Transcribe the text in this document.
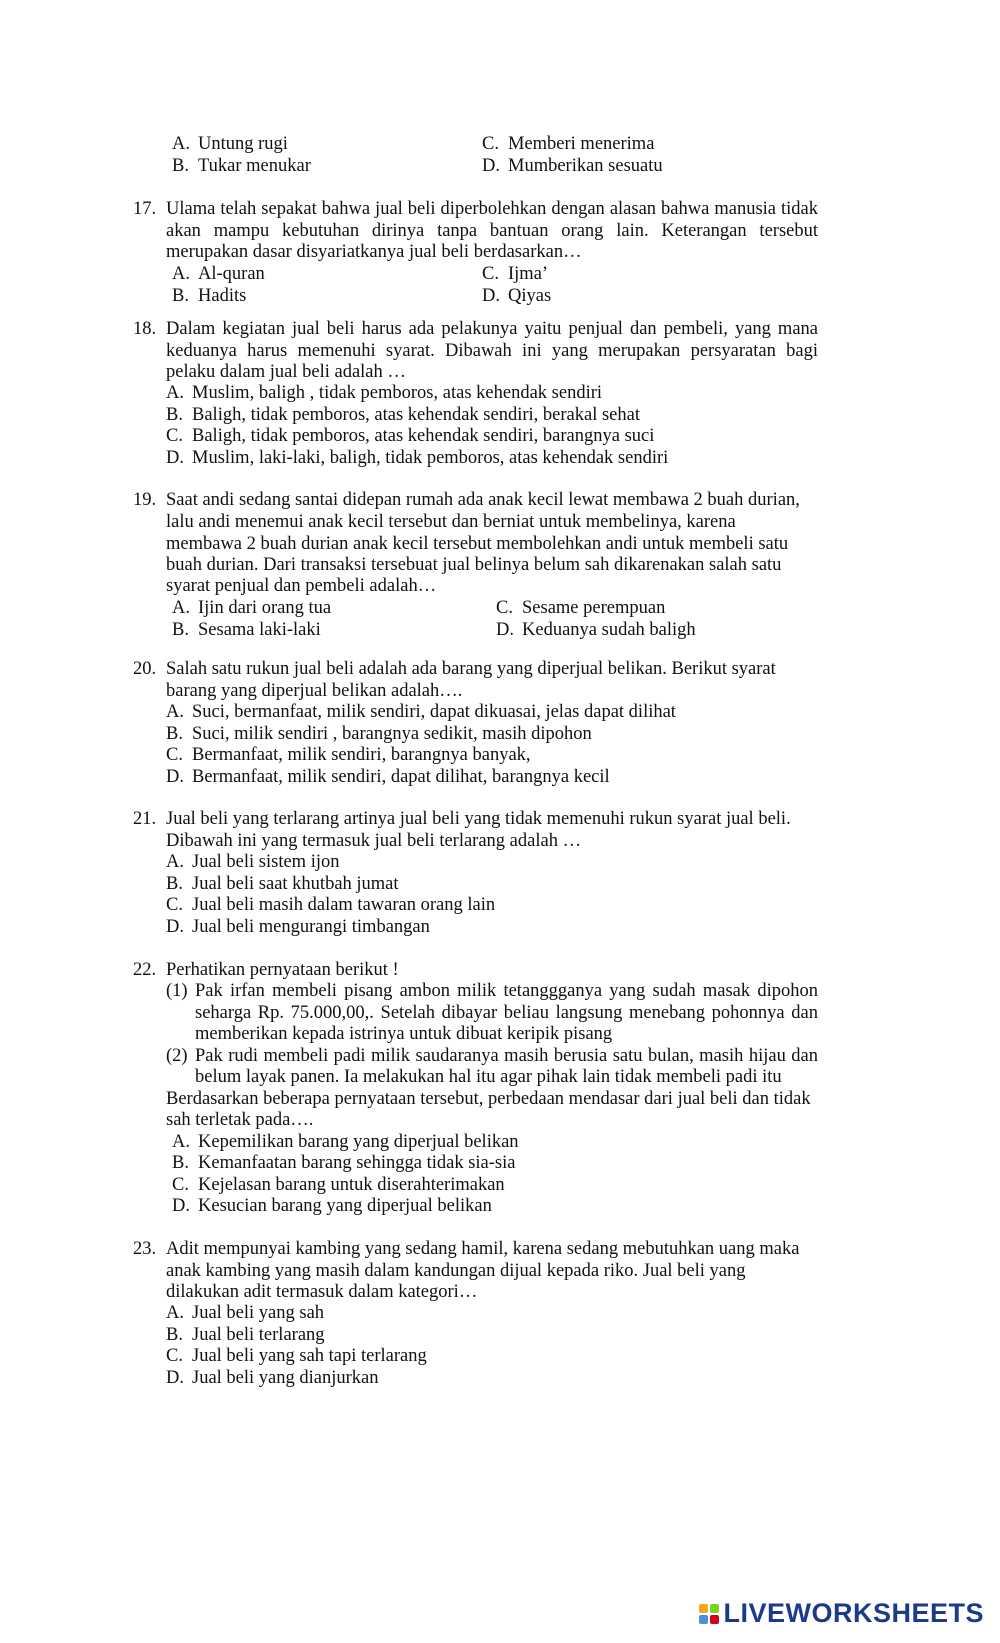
A. Untung rugi	C. Memberi menerima
B. Tukar menukar	D. Mumberikan sesuatu
17. Ulama telah sepakat bahwa jual beli diperbolehkan dengan alasan bahwa manusia tidak
akan mampu kebutuhan dirinya tanpa bantuan orang lain. Keterangan tersebut
merupakan dasar disyariatkanya jual beli berdasarkan…
A. Al-quran	C. Ijma’
B. Hadits	D. Qiyas
18. Dalam kegiatan jual beli harus ada pelakunya yaitu penjual dan pembeli, yang mana
keduanya harus memenuhi syarat. Dibawah ini yang merupakan persyaratan bagi
pelaku dalam jual beli adalah …
A. Muslim, baligh , tidak pemboros, atas kehendak sendiri
B. Baligh, tidak pemboros, atas kehendak sendiri, berakal sehat
C. Baligh, tidak pemboros, atas kehendak sendiri, barangnya suci
D. Muslim, laki-laki, baligh, tidak pemboros, atas kehendak sendiri
19. Saat andi sedang santai didepan rumah ada anak kecil lewat membawa 2 buah durian,
lalu andi menemui anak kecil tersebut dan berniat untuk membelinya, karena
membawa 2 buah durian anak kecil tersebut membolehkan andi untuk membeli satu
buah durian. Dari transaksi tersebuat jual belinya belum sah dikarenakan salah satu
syarat penjual dan pembeli adalah…
A. Ijin dari orang tua	C. Sesame perempuan
B. Sesama laki-laki	D. Keduanya sudah baligh
20. Salah satu rukun jual beli adalah ada barang yang diperjual belikan. Berikut syarat
barang yang diperjual belikan adalah….
A. Suci, bermanfaat, milik sendiri, dapat dikuasai, jelas dapat dilihat
B. Suci, milik sendiri , barangnya sedikit, masih dipohon
C. Bermanfaat, milik sendiri, barangnya banyak,
D. Bermanfaat, milik sendiri, dapat dilihat, barangnya kecil
21. Jual beli yang terlarang artinya jual beli yang tidak memenuhi rukun syarat jual beli.
Dibawah ini yang termasuk jual beli terlarang adalah …
A. Jual beli sistem ijon
B. Jual beli saat khutbah jumat
C. Jual beli masih dalam tawaran orang lain
D. Jual beli mengurangi timbangan
22. Perhatikan pernyataan berikut !
(1) Pak irfan membeli pisang ambon milik tetanggganya yang sudah masak dipohon
seharga Rp. 75.000,00,. Setelah dibayar beliau langsung menebang pohonnya dan
memberikan kepada istrinya untuk dibuat keripik pisang
(2) Pak rudi membeli padi milik saudaranya masih berusia satu bulan, masih hijau dan
belum layak panen. Ia melakukan hal itu agar pihak lain tidak membeli padi itu
Berdasarkan beberapa pernyataan tersebut, perbedaan mendasar dari jual beli dan tidak
sah terletak pada….
A. Kepemilikan barang yang diperjual belikan
B. Kemanfaatan barang sehingga tidak sia-sia
C. Kejelasan barang untuk diserahterimakan
D. Kesucian barang yang diperjual belikan
23. Adit mempunyai kambing yang sedang hamil, karena sedang mebutuhkan uang maka
anak kambing yang masih dalam kandungan dijual kepada riko. Jual beli yang
dilakukan adit termasuk dalam kategori…
A. Jual beli yang sah
B. Jual beli terlarang
C. Jual beli yang sah tapi terlarang
D. Jual beli yang dianjurkan
LIVEWORKSHEETS
